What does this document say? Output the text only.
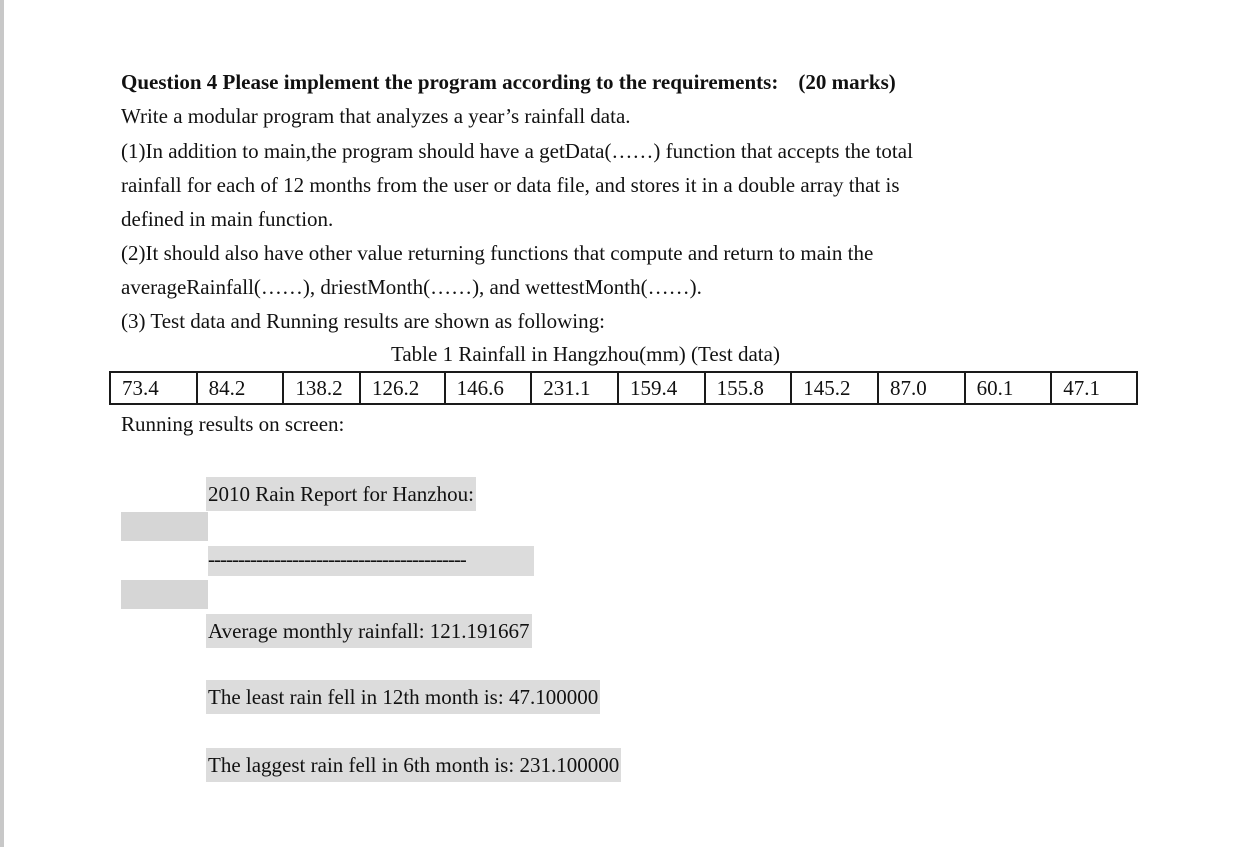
Question 4 Please implement the program according to the requirements: (20 marks)
Write a modular program that analyzes a year’s rainfall data.
(1)In addition to main,the program should have a getData(……) function that accepts the total
rainfall for each of 12 months from the user or data file, and stores it in a double array that is
defined in main function.
(2)It should also have other value returning functions that compute and return to main the
averageRainfall(……), driestMonth(……), and wettestMonth(……).
(3) Test data and Running results are shown as following:
Table 1 Rainfall in Hangzhou(mm) (Test data)
73.4	84.2	138.2	126.2	146.6	231.1	159.4	155.8	145.2	87.0	60.1	47.1
Running results on screen:
2010 Rain Report for Hanzhou:
-------------------------------------------
Average monthly rainfall: 121.191667
The least rain fell in 12th month is: 47.100000
The laggest rain fell in 6th month is: 231.100000
